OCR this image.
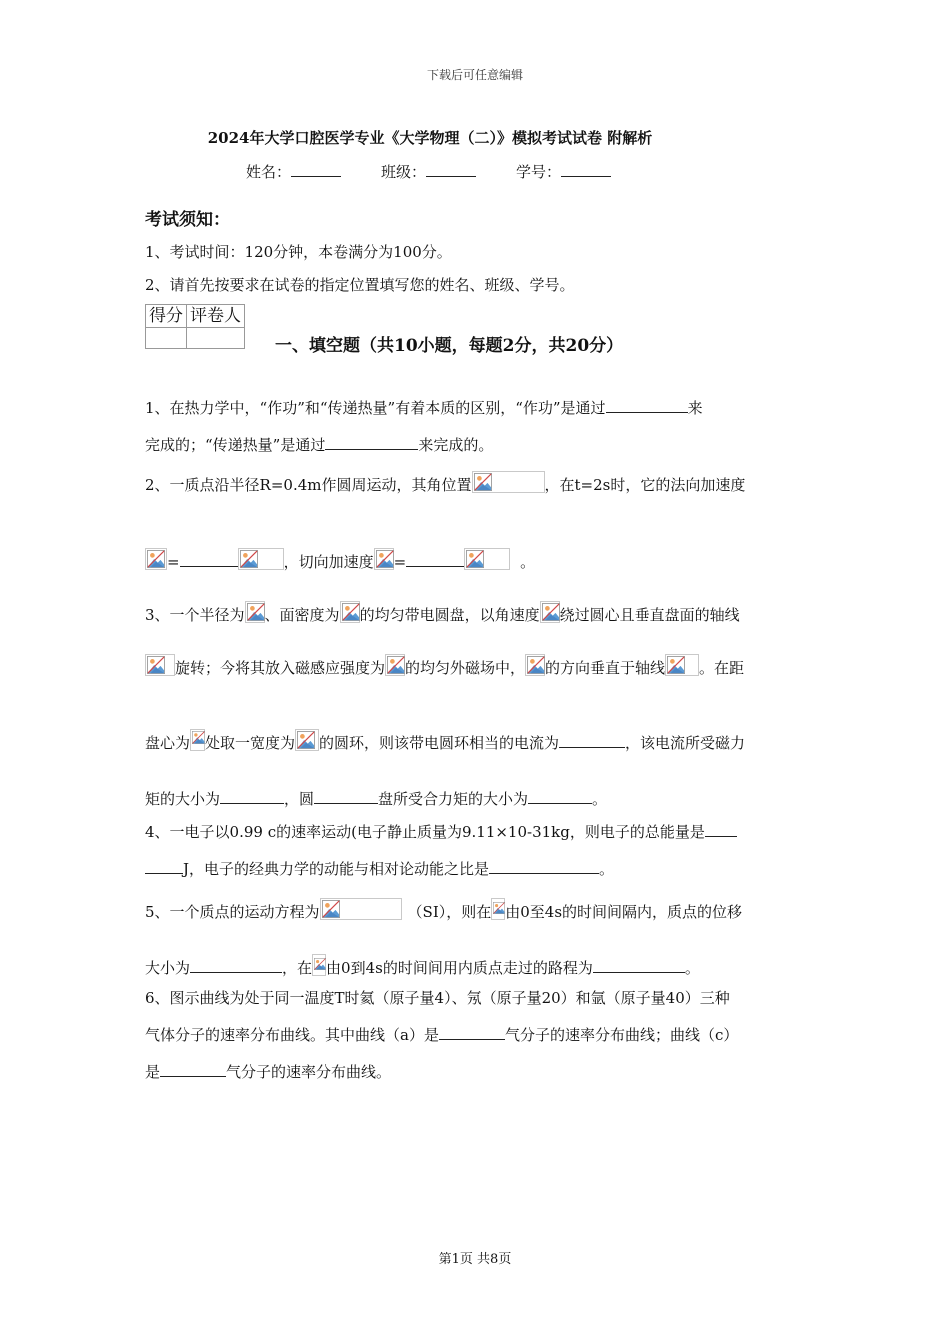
下载后可任意编辑
2024年大学口腔医学专业《大学物理（二）》模拟考试试卷 附解析
姓名：	班级：	学号：
考试须知：
1、考试时间：120分钟，本卷满分为100分。
2、请首先按要求在试卷的指定位置填写您的姓名、班级、学号。
得分	评卷人

一、填空题（共10小题，每题2分，共20分）
1、在热力学中，“作功”和“传递热量”有着本质的区别，“作功”是通过	来
完成的；“传递热量”是通过	来完成的。
2、一质点沿半径R=0.4m作圆周运动，其角位置	，在t=2s时，它的法向加速度
=	，切向加速度 =	。
3、一个半径为 、面密度为 的均匀带电圆盘，以角速度 绕过圆心且垂直盘面的轴线
旋转；今将其放入磁感应强度为 的均匀外磁场中， 的方向垂直于轴线 。在距
盘心为 处取一宽度为 的圆环，则该带电圆环相当的电流为	，该电流所受磁力
矩的大小为	，圆	盘所受合力矩的大小为	。
4、一电子以0.99 c的速率运动(电子静止质量为9.11×10-31kg，则电子的总能量是
J，电子的经典力学的动能与相对论动能之比是	。
5、一个质点的运动方程为	（SI），则在 由0至4s的时间间隔内，质点的位移
大小为	，在 由0到4s的时间间用内质点走过的路程为	。
6、图示曲线为处于同一温度T时氦（原子量4）、氖（原子量20）和氩（原子量40）三种
气体分子的速率分布曲线。其中曲线（a）是	气分子的速率分布曲线；曲线（c）
是	气分子的速率分布曲线。
第1页 共8页
